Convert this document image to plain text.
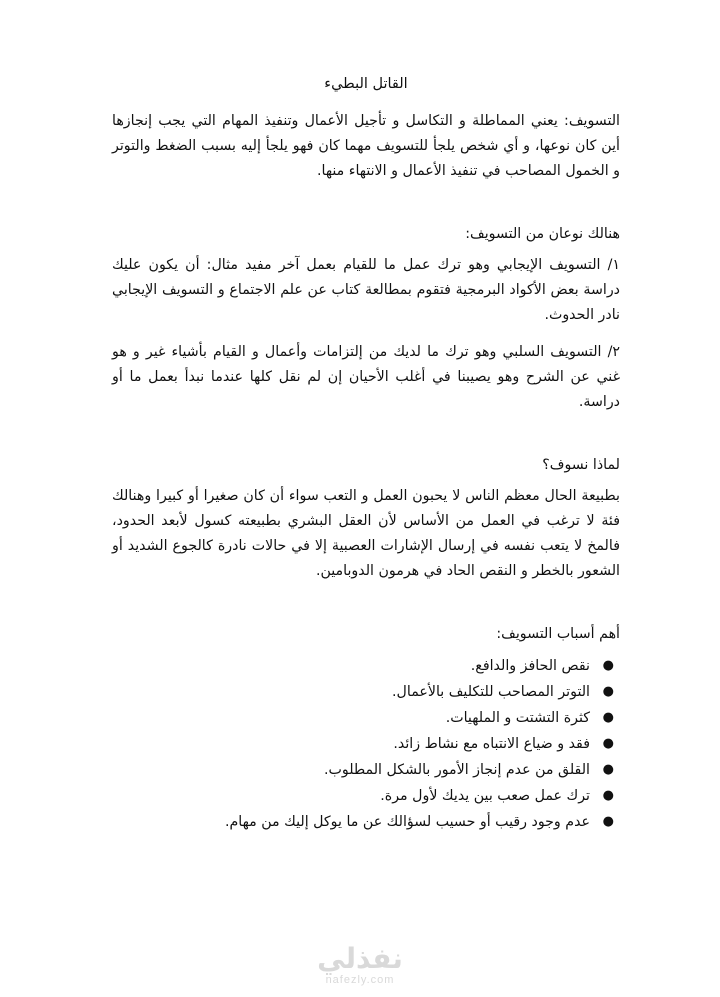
القاتل البطيء

التسويف: يعني المماطلة و التكاسل و تأجيل الأعمال وتنفيذ المهام التي يجب إنجازها أين كان نوعها، و أي شخص يلجأ للتسويف مهما كان فهو يلجأ إليه بسبب الضغط والتوتر و الخمول المصاحب في تنفيذ الأعمال و الانتهاء منها.

هنالك نوعان من التسويف:

١/ التسويف الإيجابي وهو ترك عمل ما للقيام بعمل آخر مفيد مثال: أن يكون عليك دراسة بعض الأكواد البرمجية فتقوم بمطالعة كتاب عن علم الاجتماع و التسويف الإيجابي نادر الحدوث.

٢/ التسويف السلبي وهو ترك ما لديك من إلتزامات وأعمال و القيام بأشياء غير و هو غني عن الشرح وهو يصيبنا في أغلب الأحيان إن لم نقل كلها عندما نبدأ بعمل ما أو دراسة.

لماذا نسوف؟

بطبيعة الحال معظم الناس لا يحبون العمل و التعب سواء أن كان صغيرا أو كبيرا وهنالك فئة لا ترغب في العمل من الأساس لأن العقل البشري بطبيعته كسول لأبعد الحدود، فالمخ لا يتعب نفسه في إرسال الإشارات العصبية إلا في حالات نادرة كالجوع الشديد أو الشعور بالخطر و النقص الحاد في هرمون الدوبامين.

أهم أسباب التسويف:

●
نقص الحافز والدافع.
●
التوتر المصاحب للتكليف بالأعمال.
●
كثرة التشتت و الملهيات.
●
فقد و ضياع الانتباه مع نشاط زائد.
●
القلق من عدم إنجاز الأمور بالشكل المطلوب.
●
ترك عمل صعب بين يديك لأول مرة.
●
عدم وجود رقيب أو حسيب لسؤالك عن ما يوكل إليك من مهام.
نفذلي
nafezly.com
